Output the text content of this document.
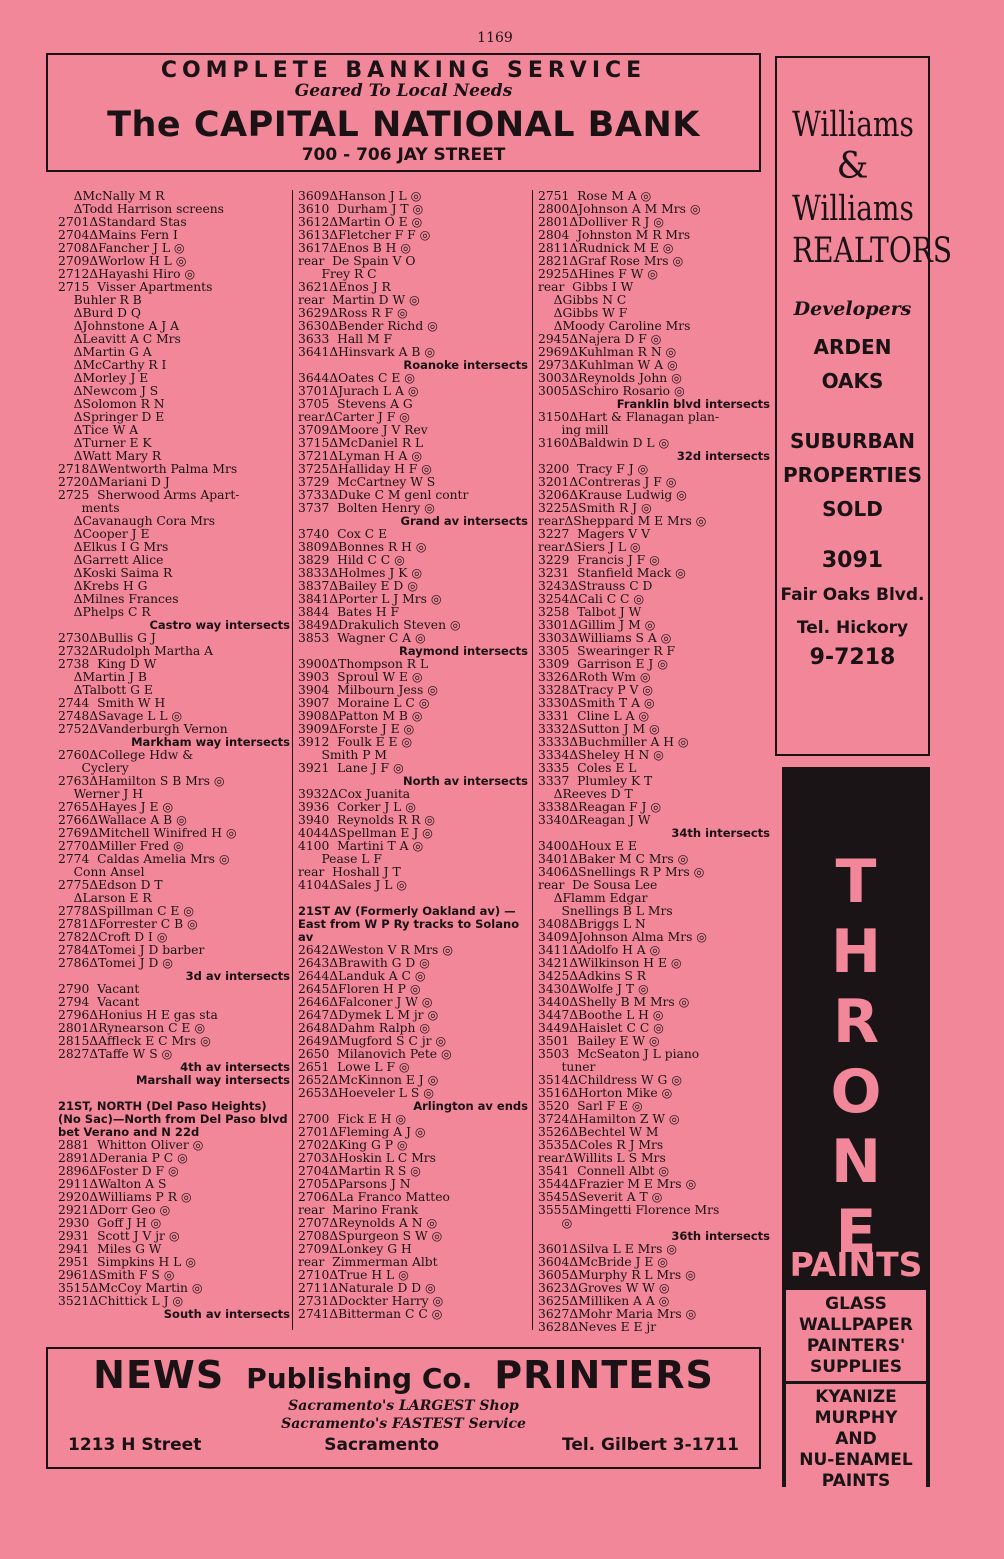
1169
COMPLETE BANKING SERVICE
Geared To Local Needs
The CAPITAL NATIONAL BANK
700 - 706 JAY STREET
Williams
&
Williams
REALTORS
Developers
ARDEN
OAKS
SUBURBAN
PROPERTIES
SOLD
3091
Fair Oaks Blvd.
Tel. Hickory
9-7218
THRONE
PAINTS
GLASS
WALLPAPER
PAINTERS'
SUPPLIES
KYANIZE
MURPHY
AND
NU-ENAMEL
PAINTS
1014 18TH
DIAL
GILBERT 2-0686
ΔMcNally M R
ΔTodd Harrison screens
2701ΔStandard Stas
2704ΔMains Fern I
2708ΔFancher J L ◎
2709ΔWorlow H L ◎
2712ΔHayashi Hiro ◎
2715  Visser Apartments
Buhler R B
ΔBurd D Q
ΔJohnstone A J A
ΔLeavitt A C Mrs
ΔMartin G A
ΔMcCarthy R I
ΔMorley J E
ΔNewcom J S
ΔSolomon R N
ΔSpringer D E
ΔTice W A
ΔTurner E K
ΔWatt Mary R
2718ΔWentworth Palma Mrs
2720ΔMariani D J
2725  Sherwood Arms Apart-
ments
ΔCavanaugh Cora Mrs
ΔCooper J E
ΔElkus I G Mrs
ΔGarrett Alice
ΔKoski Saima R
ΔKrebs H G
ΔMilnes Frances
ΔPhelps C R
Castro way intersects
2730ΔBullis G J
2732ΔRudolph Martha A
2738  King D W
ΔMartin J B
ΔTalbott G E
2744  Smith W H
2748ΔSavage L L ◎
2752ΔVanderburgh Vernon
Markham way intersects
2760ΔCollege Hdw &
Cyclery
2763ΔHamilton S B Mrs ◎
Werner J H
2765ΔHayes J E ◎
2766ΔWallace A B ◎
2769ΔMitchell Winifred H ◎
2770ΔMiller Fred ◎
2774  Caldas Amelia Mrs ◎
Conn Ansel
2775ΔEdson D T
ΔLarson E R
2778ΔSpillman C E ◎
2781ΔForrester C B ◎
2782ΔCroft D I ◎
2784ΔTomei J D barber
2786ΔTomei J D ◎
3d av intersects
2790  Vacant
2794  Vacant
2796ΔHonius H E gas sta
2801ΔRynearson C E ◎
2815ΔAffleck E C Mrs ◎
2827ΔTaffe W S ◎
4th av intersects
Marshall way intersects
21ST, NORTH (Del Paso Heights) (No Sac)—North from Del Paso blvd bet Verano and N 22d
2881  Whitton Oliver ◎
2891ΔDerania P C ◎
2896ΔFoster D F ◎
2911ΔWalton A S
2920ΔWilliams P R ◎
2921ΔDorr Geo ◎
2930  Goff J H ◎
2931  Scott J V jr ◎
2941  Miles G W
2951  Simpkins H L ◎
2961ΔSmith F S ◎
3515ΔMcCoy Martin ◎
3521ΔChittick L J ◎
South av intersects
3609ΔHanson J L ◎
3610  Durham J T ◎
3612ΔMartin O E ◎
3613ΔFletcher F F ◎
3617ΔEnos B H ◎
rear  De Spain V O
Frey R C
3621ΔEnos J R
rear  Martin D W ◎
3629ΔRoss R F ◎
3630ΔBender Richd ◎
3633  Hall M F
3641ΔHinsvark A B ◎
Roanoke intersects
3644ΔOates C E ◎
3701ΔJurach L A ◎
3705  Stevens A G
rearΔCarter J F ◎
3709ΔMoore J V Rev
3715ΔMcDaniel R L
3721ΔLyman H A ◎
3725ΔHalliday H F ◎
3729  McCartney W S
3733ΔDuke C M genl contr
3737  Bolten Henry ◎
Grand av intersects
3740  Cox C E
3809ΔBonnes R H ◎
3829  Hild C C ◎
3833ΔHolmes J K ◎
3837ΔBailey E D ◎
3841ΔPorter L J Mrs ◎
3844  Bates H F
3849ΔDrakulich Steven ◎
3853  Wagner C A ◎
Raymond intersects
3900ΔThompson R L
3903  Sproul W E ◎
3904  Milbourn Jess ◎
3907  Moraine L C ◎
3908ΔPatton M B ◎
3909ΔForste J E ◎
3912  Foulk E E ◎
Smith P M
3921  Lane J F ◎
North av intersects
3932ΔCox Juanita
3936  Corker J L ◎
3940  Reynolds R R ◎
4044ΔSpellman E J ◎
4100  Martini T A ◎
Pease L F
rear  Hoshall J T
4104ΔSales J L ◎
21ST AV (Formerly Oakland av) — East from W P Ry tracks to Solano av
2642ΔWeston V R Mrs ◎
2643ΔBrawith G D ◎
2644ΔLanduk A C ◎
2645ΔFloren H P ◎
2646ΔFalconer J W ◎
2647ΔDymek L M jr ◎
2648ΔDahm Ralph ◎
2649ΔMugford S C jr ◎
2650  Milanovich Pete ◎
2651  Lowe L F ◎
2652ΔMcKinnon E J ◎
2653ΔHoeveler L S ◎
Arlington av ends
2700  Fick E H ◎
2701ΔFleming A J ◎
2702ΔKing G P ◎
2703ΔHoskin L C Mrs
2704ΔMartin R S ◎
2705ΔParsons J N
2706ΔLa Franco Matteo
rear  Marino Frank
2707ΔReynolds A N ◎
2708ΔSpurgeon S W ◎
2709ΔLonkey G H
rear  Zimmerman Albt
2710ΔTrue H L ◎
2711ΔNaturale D D ◎
2731ΔDockter Harry ◎
2741ΔBitterman C C ◎
2751  Rose M A ◎
2800ΔJohnson A M Mrs ◎
2801ΔDolliver R J ◎
2804  Johnston M R Mrs
2811ΔRudnick M E ◎
2821ΔGraf Rose Mrs ◎
2925ΔHines F W ◎
rear  Gibbs I W
ΔGibbs N C
ΔGibbs W F
ΔMoody Caroline Mrs
2945ΔNajera D F ◎
2969ΔKuhlman R N ◎
2973ΔKuhlman W A ◎
3003ΔReynolds John ◎
3005ΔSchiro Rosario ◎
Franklin blvd intersects
3150ΔHart & Flanagan plan-
ing mill
3160ΔBaldwin D L ◎
32d intersects
3200  Tracy F J ◎
3201ΔContreras J F ◎
3206ΔKrause Ludwig ◎
3225ΔSmith R J ◎
rearΔSheppard M E Mrs ◎
3227  Magers V V
rearΔSiers J L ◎
3229  Francis J F ◎
3231  Stanfield Mack ◎
3243ΔStrauss C D
3254ΔCali C C ◎
3258  Talbot J W
3301ΔGillim J M ◎
3303ΔWilliams S A ◎
3305  Swearinger R F
3309  Garrison E J ◎
3326ΔRoth Wm ◎
3328ΔTracy P V ◎
3330ΔSmith T A ◎
3331  Cline L A ◎
3332ΔSutton J M ◎
3333ΔBuchmiller A H ◎
3334ΔSheley H N ◎
3335  Coles E L
3337  Plumley K T
ΔReeves D T
3338ΔReagan F J ◎
3340ΔReagan J W
34th intersects
3400ΔHoux E E
3401ΔBaker M C Mrs ◎
3406ΔSnellings R P Mrs ◎
rear  De Sousa Lee
ΔFlamm Edgar
Snellings B L Mrs
3408ΔBriggs L N
3409ΔJohnson Alma Mrs ◎
3411ΔAdolfo H A ◎
3421ΔWilkinson H E ◎
3425ΔAdkins S R
3430ΔWolfe J T ◎
3440ΔShelly B M Mrs ◎
3447ΔBoothe L H ◎
3449ΔHaislet C C ◎
3501  Bailey E W ◎
3503  McSeaton J L piano
tuner
3514ΔChildress W G ◎
3516ΔHorton Mike ◎
3520  Sarl F E ◎
3724ΔHamilton Z W ◎
3526ΔBechtel W M
3535ΔColes R J Mrs
rearΔWillits L S Mrs
3541  Connell Albt ◎
3544ΔFrazier M E Mrs ◎
3545ΔSeverit A T ◎
3555ΔMingetti Florence Mrs
◎
36th intersects
3601ΔSilva L E Mrs ◎
3604ΔMcBride J E ◎
3605ΔMurphy R L Mrs ◎
3623ΔGroves W W ◎
3625ΔMilliken A A ◎
3627ΔMohr Maria Mrs ◎
3628ΔNeves E E jr
NEWS Publishing Co. PRINTERS
Sacramento's LARGEST Shop
Sacramento's FASTEST Service
1213 H Street	Sacramento	Tel. Gilbert 3-1711
